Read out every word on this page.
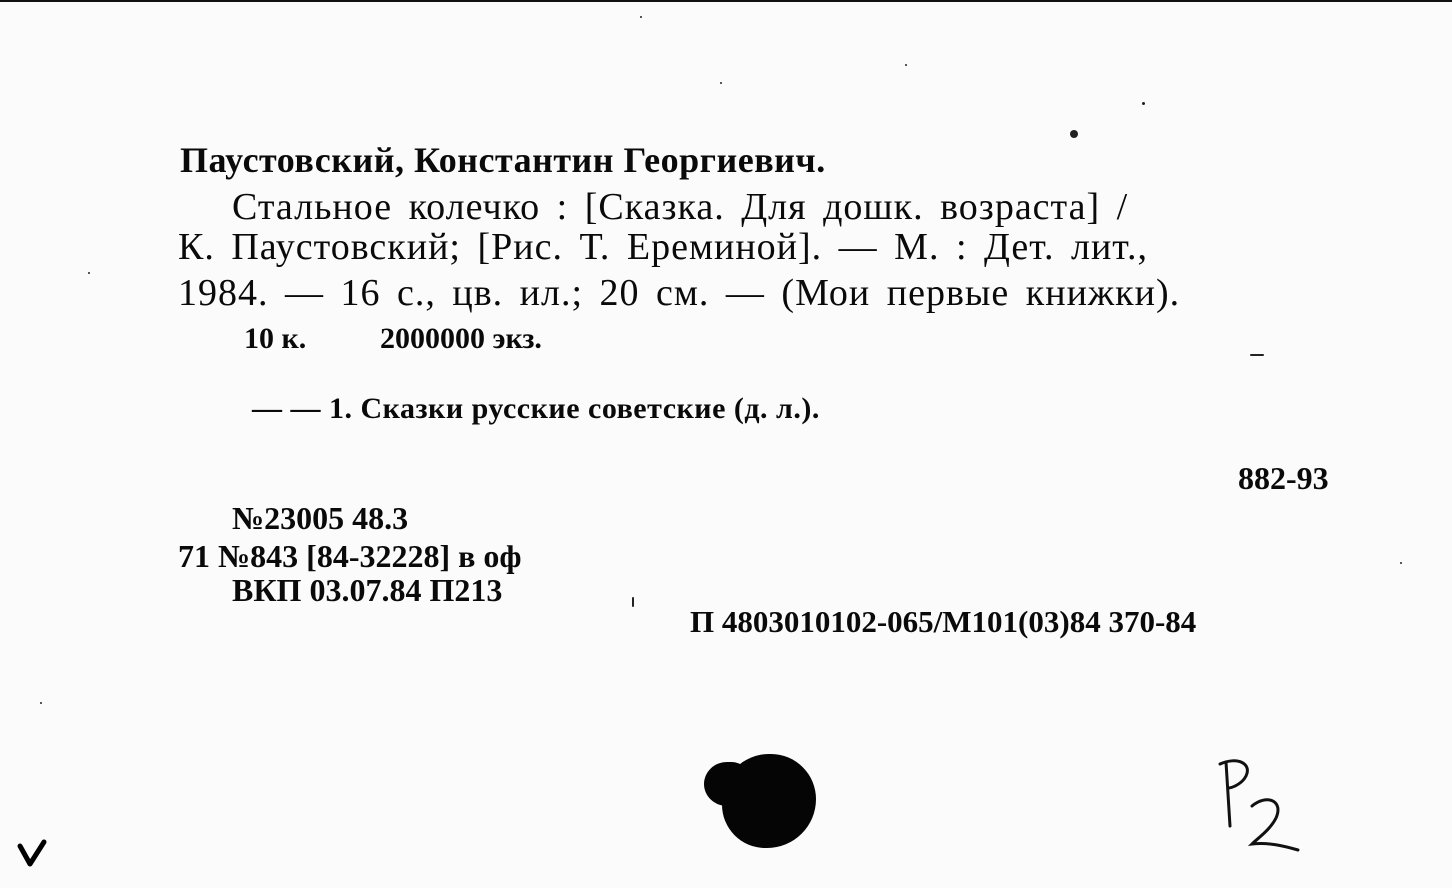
Паустовский, Константин Георгиевич.
Стальное колечко : [Сказка. Для дошк. возраста] /
К. Паустовский; [Рис. Т. Ереминой]. — М. : Дет. лит.,
1984. — 16 с., цв. ил.; 20 см. — (Мои первые книжки).
10 к. 2000000 экз.
— — 1. Сказки русские советские (д. л.).
882-93
№23005 48.3
71 №843 [84-32228] в оф
ВКП 03.07.84 П213
П 4803010102-065/М101(03)84 370-84
